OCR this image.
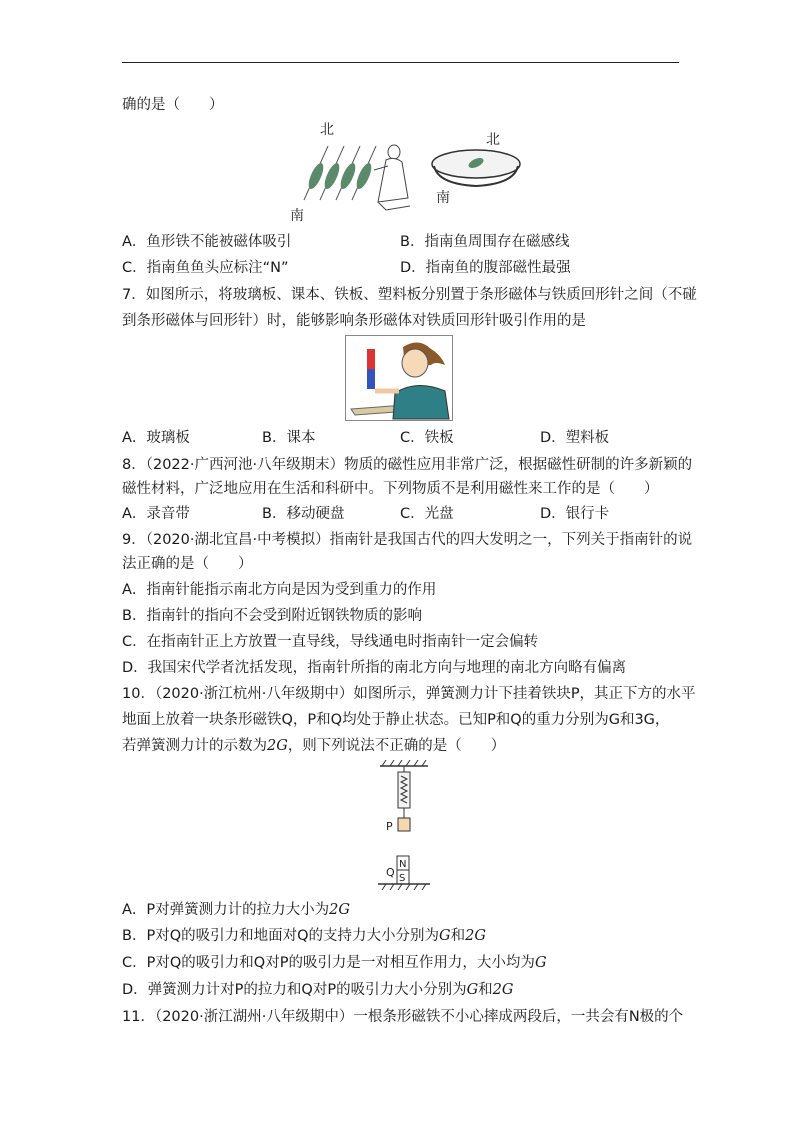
确的是（　　）
北
南
北
南
A．鱼形铁不能被磁体吸引	B．指南鱼周围存在磁感线
C．指南鱼鱼头应标注“N”	D．指南鱼的腹部磁性最强
7．如图所示，将玻璃板、课本、铁板、塑料板分别置于条形磁体与铁质回形针之间（不碰
到条形磁体与回形针）时，能够影响条形磁体对铁质回形针吸引作用的是
A．玻璃板	B．课本	C．铁板	D．塑料板
8．（2022·广西河池·八年级期末）物质的磁性应用非常广泛，根据磁性研制的许多新颖的
磁性材料，广泛地应用在生活和科研中。下列物质不是利用磁性来工作的是（　　）
A．录音带	B．移动硬盘	C．光盘	D．银行卡
9．（2020·湖北宜昌·中考模拟）指南针是我国古代的四大发明之一，下列关于指南针的说
法正确的是（　　）
A．指南针能指示南北方向是因为受到重力的作用
B．指南针的指向不会受到附近钢铁物质的影响
C．在指南针正上方放置一直导线，导线通电时指南针一定会偏转
D．我国宋代学者沈括发现，指南针所指的南北方向与地理的南北方向略有偏离
10．（2020·浙江杭州·八年级期中）如图所示，弹簧测力计下挂着铁块P，其正下方的水平
地面上放着一块条形磁铁Q，P和Q均处于静止状态。已知P和Q的重力分别为G和3G，
若弹簧测力计的示数为2G，则下列说法不正确的是（　　）
P
Q
N
S
A．P对弹簧测力计的拉力大小为2G
B．P对Q的吸引力和地面对Q的支持力大小分别为G和2G
C．P对Q的吸引力和Q对P的吸引力是一对相互作用力，大小均为G
D．弹簧测力计对P的拉力和Q对P的吸引力大小分别为G和2G
11．（2020·浙江湖州·八年级期中）一根条形磁铁不小心摔成两段后，一共会有N极的个
